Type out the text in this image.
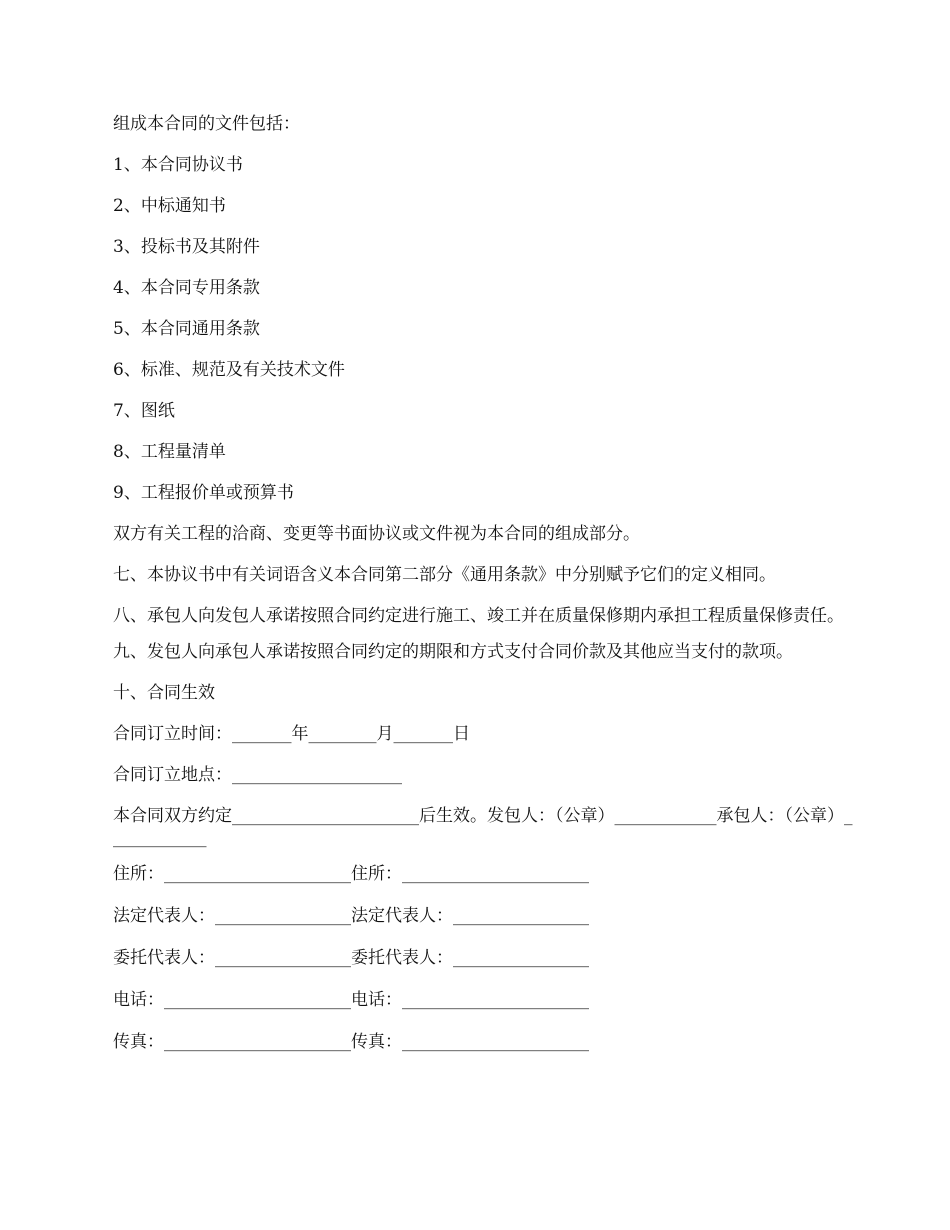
组成本合同的文件包括：

1、本合同协议书

2、中标通知书

3、投标书及其附件

4、本合同专用条款

5、本合同通用条款

6、标准、规范及有关技术文件

7、图纸

8、工程量清单

9、工程报价单或预算书

双方有关工程的洽商、变更等书面协议或文件视为本合同的组成部分。

七、本协议书中有关词语含义本合同第二部分《通用条款》中分别赋予它们的定义相同。

八、承包人向发包人承诺按照合同约定进行施工、竣工并在质量保修期内承担工程质量保修责任。

九、发包人向承包人承诺按照合同约定的期限和方式支付合同价款及其他应当支付的款项。

十、合同生效

合同订立时间：_______年________月_______日

合同订立地点：____________________

本合同双方约定______________________后生效。发包人：（公章）____________承包人：（公章）____________

住所：______________________住所：______________________

法定代表人：________________法定代表人：________________

委托代表人：________________委托代表人：________________

电话：______________________电话：______________________

传真：______________________传真：______________________
